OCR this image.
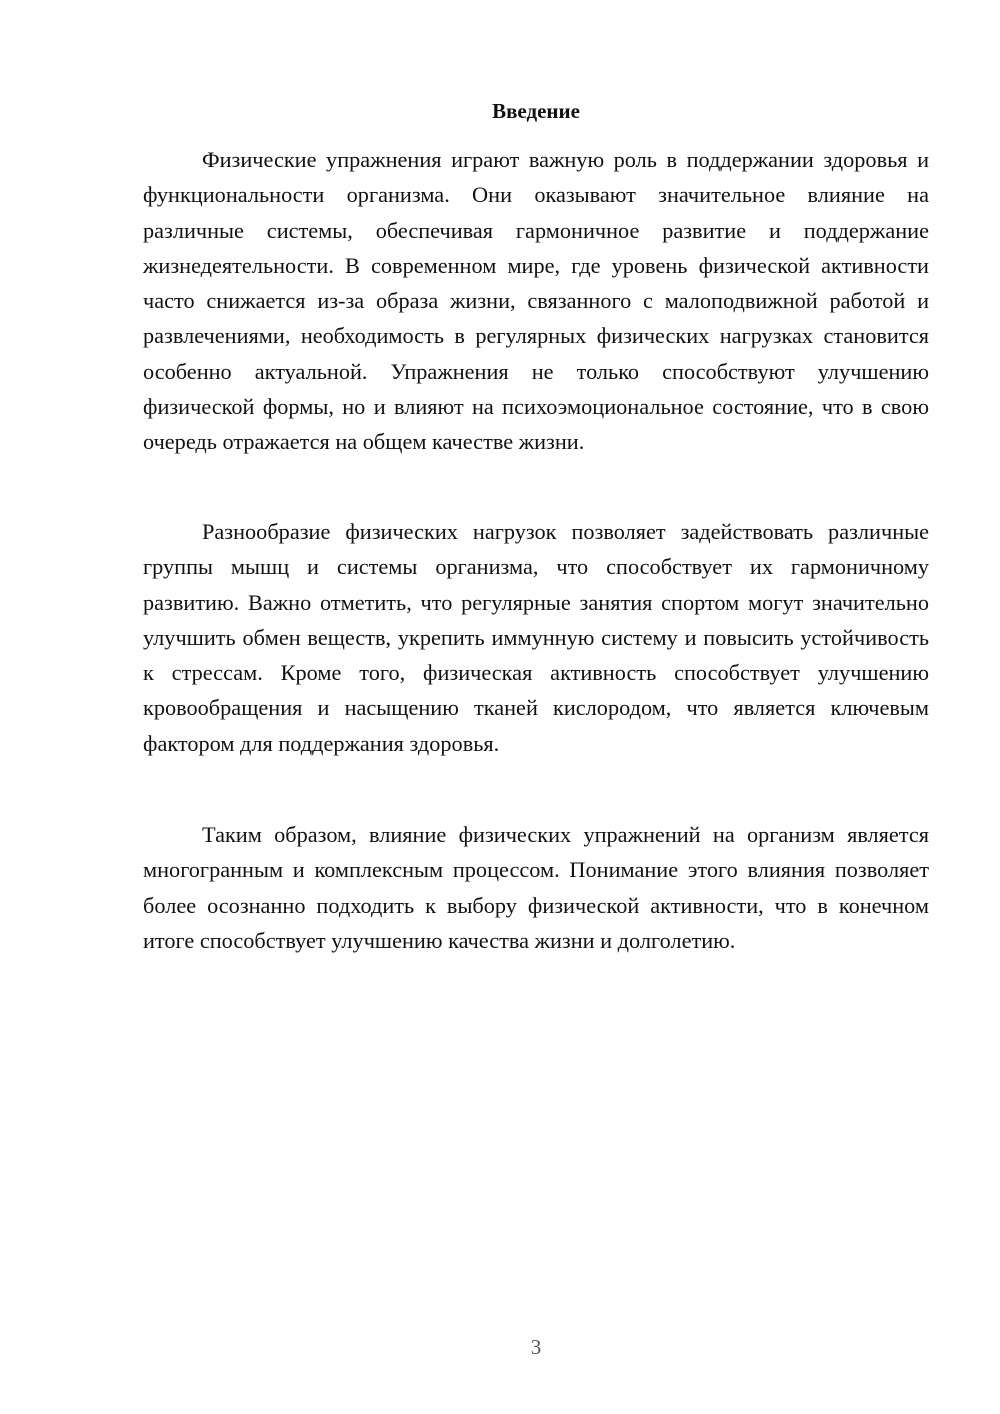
Введение

Физические упражнения играют важную роль в поддержании здоровья и функциональности организма. Они оказывают значительное влияние на различные системы, обеспечивая гармоничное развитие и поддержание жизнедеятельности. В современном мире, где уровень физической активности часто снижается из-за образа жизни, связанного с малоподвижной работой и развлечениями, необходимость в регулярных физических нагрузках становится особенно актуальной. Упражнения не только способствуют улучшению физической формы, но и влияют на психоэмоциональное состояние, что в свою очередь отражается на общем качестве жизни.

Разнообразие физических нагрузок позволяет задействовать различные группы мышц и системы организма, что способствует их гармоничному развитию. Важно отметить, что регулярные занятия спортом могут значительно улучшить обмен веществ, укрепить иммунную систему и повысить устойчивость к стрессам. Кроме того, физическая активность способствует улучшению кровообращения и насыщению тканей кислородом, что является ключевым фактором для поддержания здоровья.

Таким образом, влияние физических упражнений на организм является многогранным и комплексным процессом. Понимание этого влияния позволяет более осознанно подходить к выбору физической активности, что в конечном итоге способствует улучшению качества жизни и долголетию.

3
